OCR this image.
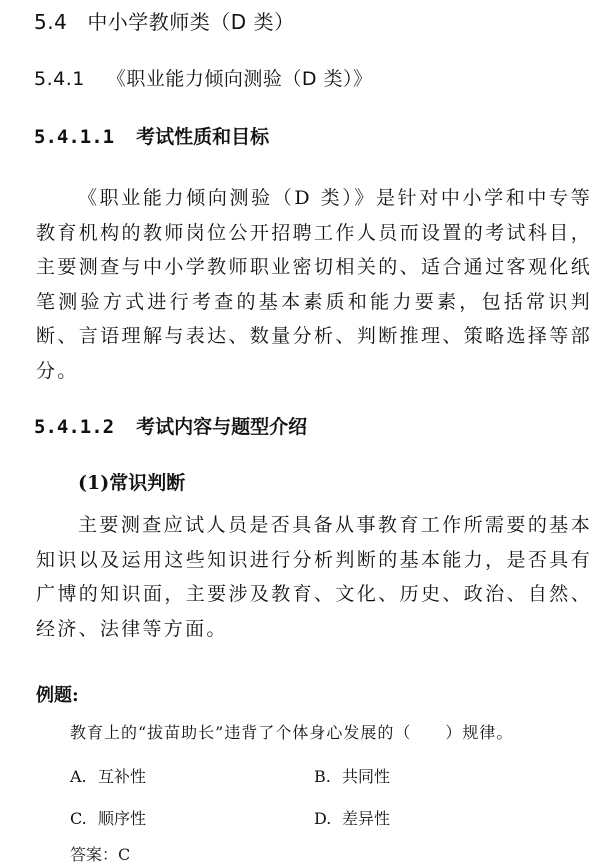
5.4 中小学教师类（D 类）
5.4.1 《职业能力倾向测验（D 类）》
5.4.1.1 考试性质和目标

《职业能力倾向测验（D 类）》是针对中小学和中专等教育机构的教师岗位公开招聘工作人员而设置的考试科目，主要测查与中小学教师职业密切相关的、适合通过客观化纸笔测验方式进行考查的基本素质和能力要素，包括常识判断、言语理解与表达、数量分析、判断推理、策略选择等部分。

5.4.1.2 考试内容与题型介绍
(1)常识判断

主要测查应试人员是否具备从事教育工作所需要的基本知识以及运用这些知识进行分析判断的基本能力，是否具有广博的知识面，主要涉及教育、文化、历史、政治、自然、经济、法律等方面。

例题:
教育上的“拔苗助长”违背了个体身心发展的（　　）规律。
A. 互补性	B. 共同性
C. 顺序性	D. 差异性
答案：C
